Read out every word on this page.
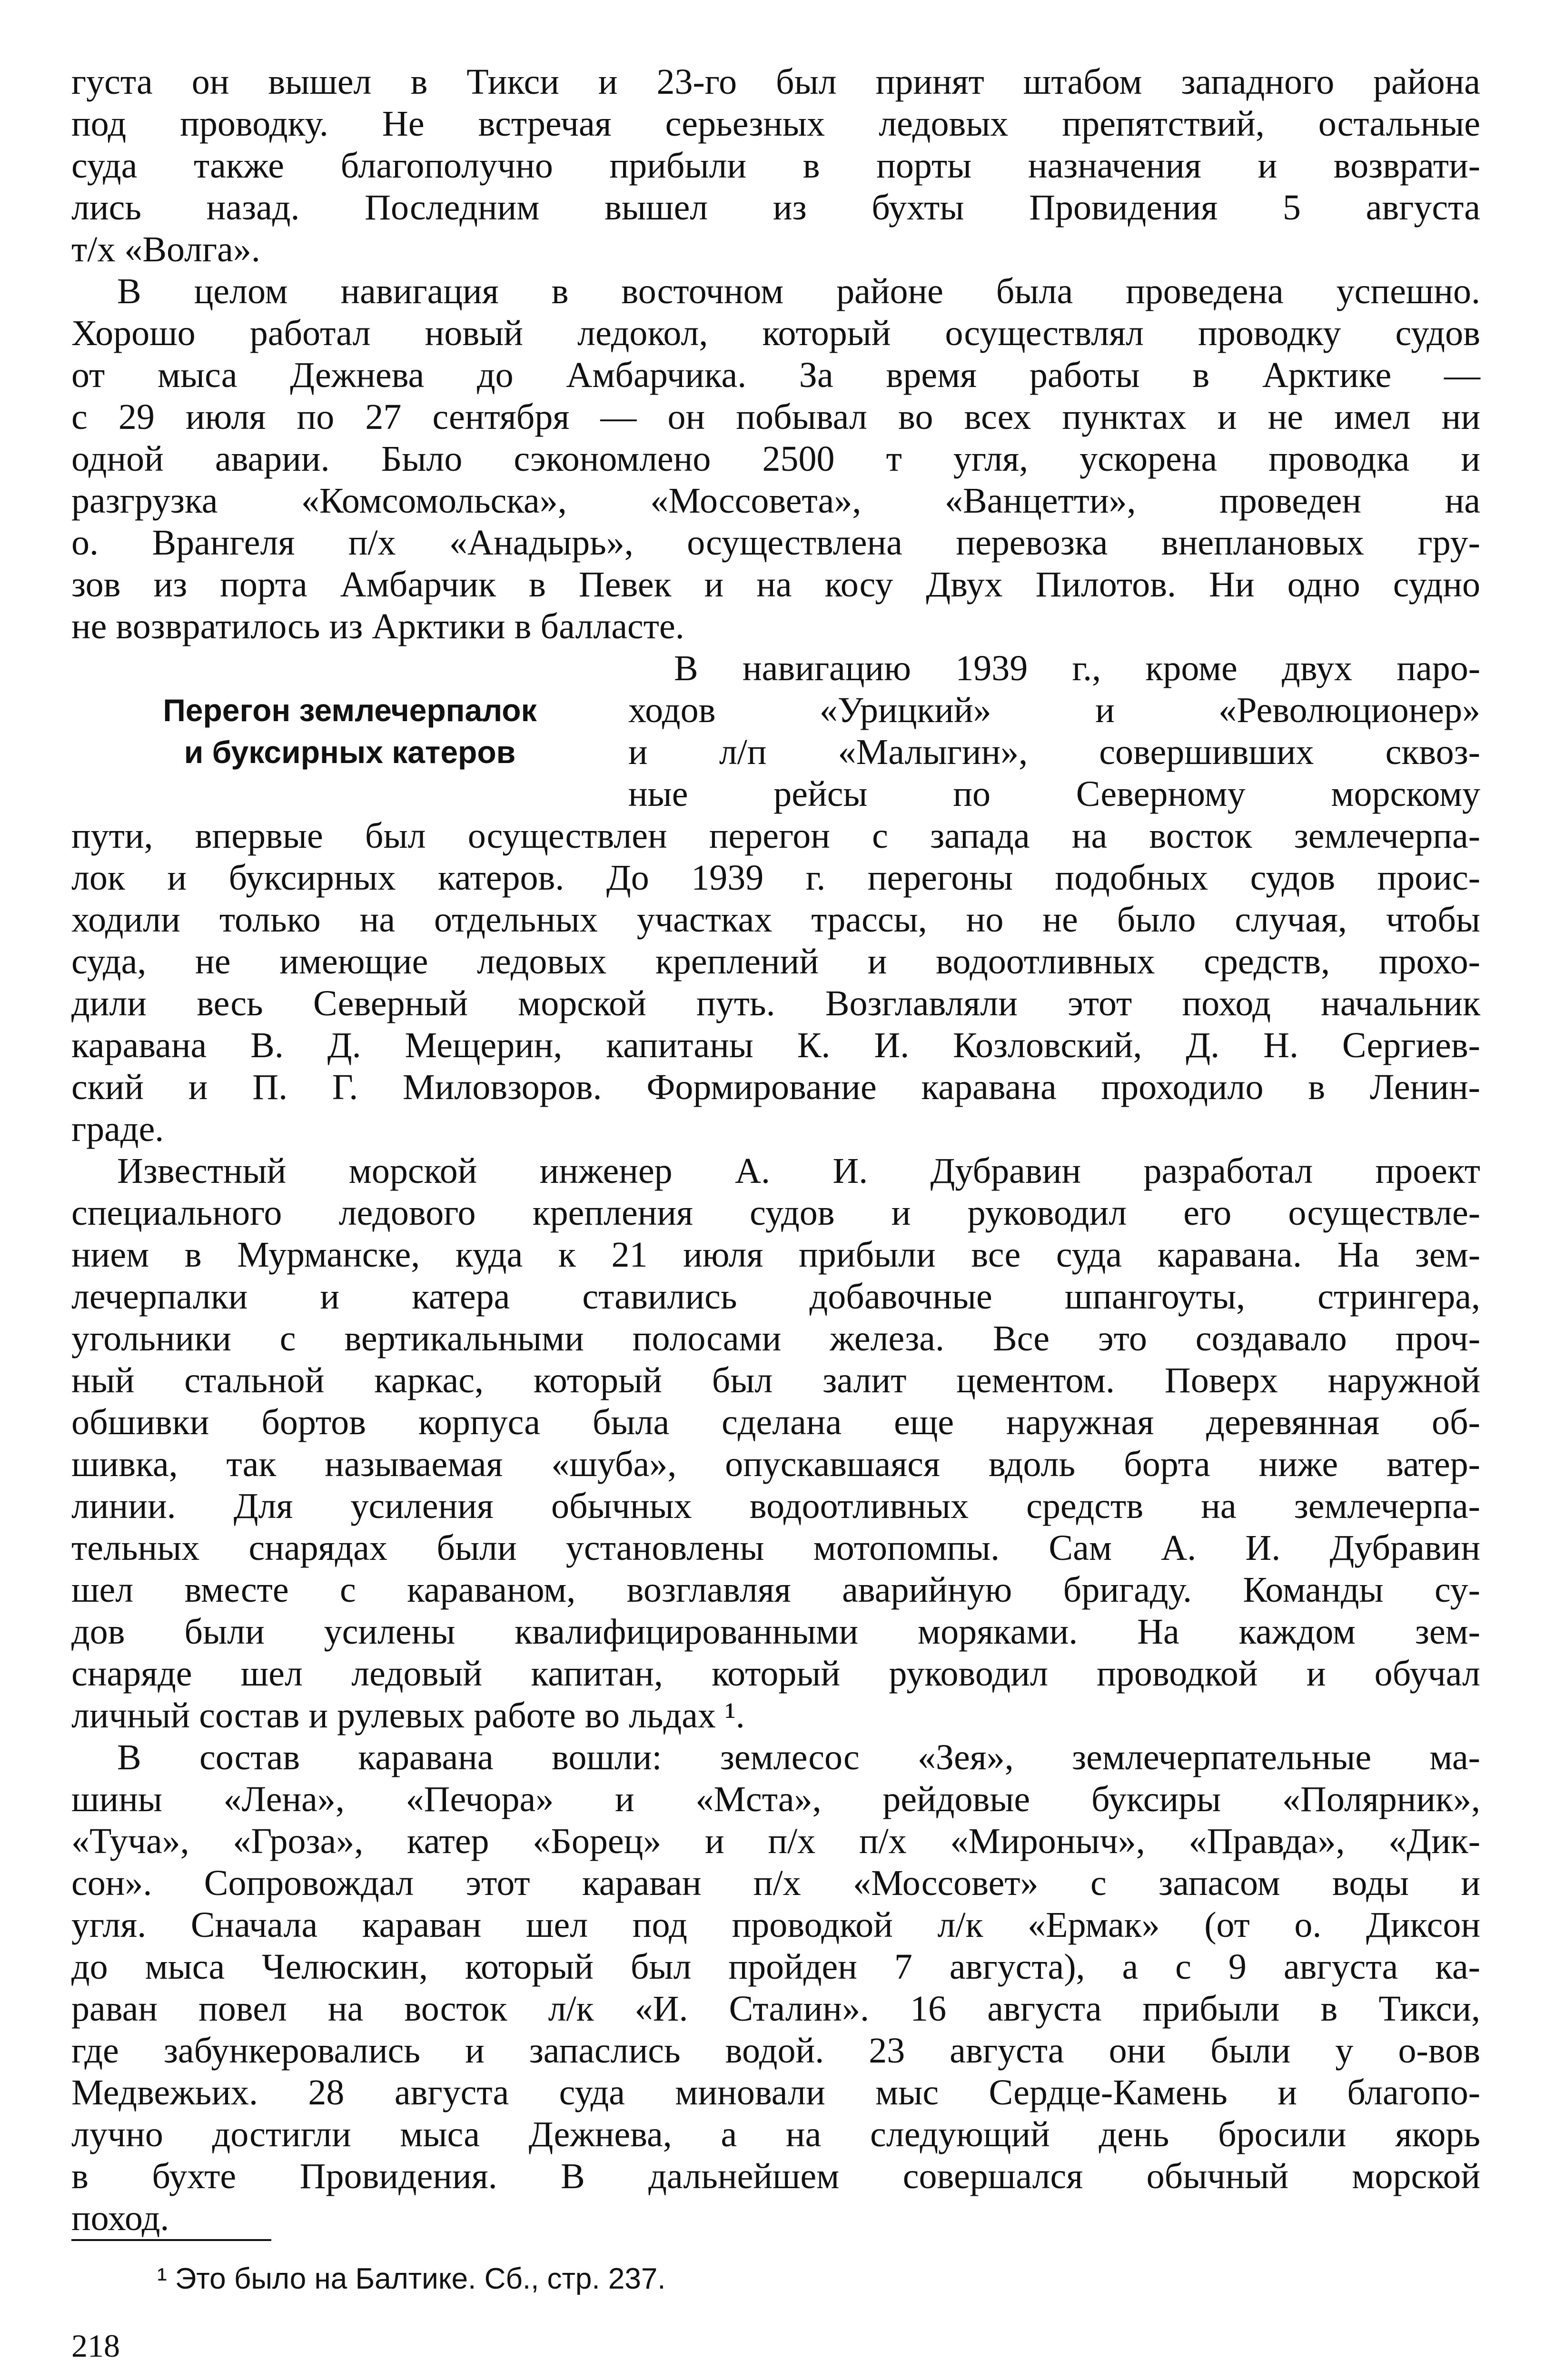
густа он вышел в Тикси и 23-го был принят штабом западного района
под проводку. Не встречая серьезных ледовых препятствий, остальные
суда также благополучно прибыли в порты назначения и возврати-
лись назад. Последним вышел из бухты Провидения 5 августа
т/х «Волга».
В целом навигация в восточном районе была проведена успешно.
Хорошо работал новый ледокол, который осуществлял проводку судов
от мыса Дежнева до Амбарчика. За время работы в Арктике —
с 29 июля по 27 сентября — он побывал во всех пунктах и не имел ни
одной аварии. Было сэкономлено 2500 т угля, ускорена проводка и
разгрузка «Комсомольска», «Моссовета», «Ванцетти», проведен на
о. Врангеля п/х «Анадырь», осуществлена перевозка внеплановых гру-
зов из порта Амбарчик в Певек и на косу Двух Пилотов. Ни одно судно
не возвратилось из Арктики в балласте.
Перегон землечерпалок
и буксирных катеров
В навигацию 1939 г., кроме двух паро-
ходов «Урицкий» и «Революционер»
и л/п «Малыгин», совершивших сквоз-
ные рейсы по Северному морскому
пути, впервые был осуществлен перегон с запада на восток землечерпа-
лок и буксирных катеров. До 1939 г. перегоны подобных судов проис-
ходили только на отдельных участках трассы, но не было случая, чтобы
суда, не имеющие ледовых креплений и водоотливных средств, прохо-
дили весь Северный морской путь. Возглавляли этот поход начальник
каравана В. Д. Мещерин, капитаны К. И. Козловский, Д. Н. Сергиев-
ский и П. Г. Миловзоров. Формирование каравана проходило в Ленин-
граде.
Известный морской инженер А. И. Дубравин разработал проект
специального ледового крепления судов и руководил его осуществле-
нием в Мурманске, куда к 21 июля прибыли все суда каравана. На зем-
лечерпалки и катера ставились добавочные шпангоуты, стрингера,
угольники с вертикальными полосами железа. Все это создавало проч-
ный стальной каркас, который был залит цементом. Поверх наружной
обшивки бортов корпуса была сделана еще наружная деревянная об-
шивка, так называемая «шуба», опускавшаяся вдоль борта ниже ватер-
линии. Для усиления обычных водоотливных средств на землечерпа-
тельных снарядах были установлены мотопомпы. Сам А. И. Дубравин
шел вместе с караваном, возглавляя аварийную бригаду. Команды су-
дов были усилены квалифицированными моряками. На каждом зем-
снаряде шел ледовый капитан, который руководил проводкой и обучал
личный состав и рулевых работе во льдах ¹.
В состав каравана вошли: землесос «Зея», землечерпательные ма-
шины «Лена», «Печора» и «Мста», рейдовые буксиры «Полярник»,
«Туча», «Гроза», катер «Борец» и п/х п/х «Мироныч», «Правда», «Дик-
сон». Сопровождал этот караван п/х «Моссовет» с запасом воды и
угля. Сначала караван шел под проводкой л/к «Ермак» (от о. Диксон
до мыса Челюскин, который был пройден 7 августа), а с 9 августа ка-
раван повел на восток л/к «И. Сталин». 16 августа прибыли в Тикси,
где забункеровались и запаслись водой. 23 августа они были у о-вов
Медвежьих. 28 августа суда миновали мыс Сердце-Камень и благопо-
лучно достигли мыса Дежнева, а на следующий день бросили якорь
в бухте Провидения. В дальнейшем совершался обычный морской
поход.
¹ Это было на Балтике. Сб., стр. 237.
218
